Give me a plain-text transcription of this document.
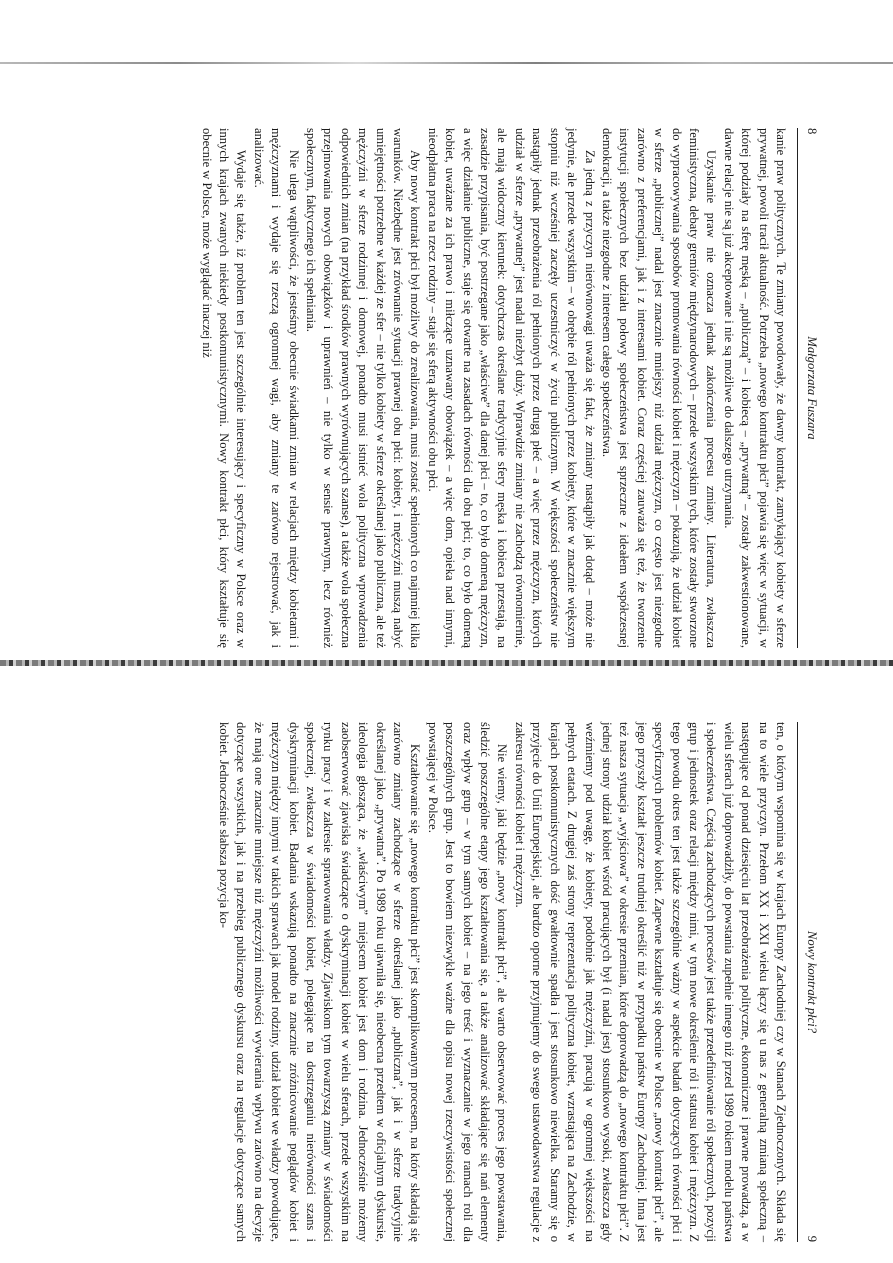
8
Małgorzata Fuszara

kanie praw politycznych. Te zmiany powodowały, że dawny kontrakt, zamykający kobiety w sferze prywatnej, powoli tracił aktualność. Potrzeba „nowego kontraktu płci” pojawia się więc w sytuacji, w której podziały na sferę męską – „publiczną” – i kobiecą – „prywatną” – zostały zakwestionowane, dawne relacje nie są już akceptowane i nie są możliwe do dalszego utrzymania.

Uzyskanie praw nie oznacza jednak zakończenia procesu zmiany. Literatura, zwłaszcza feministyczna, debaty gremiów międzynarodowych – przede wszystkim tych, które zostały stworzone do wypracowywania sposobów promowania równości kobiet i mężczyzn – pokazują, że udział kobiet w sferze „publicznej” nadal jest znacznie mniejszy niż udział mężczyzn, co często jest niezgodne zarówno z preferencjami, jak i z interesami kobiet. Coraz częściej zauważa się też, że tworzenie instytucji społecznych bez udziału połowy społeczeństwa jest sprzeczne z ideałem współczesnej demokracji, a także niezgodne z interesem całego społeczeństwa.

Za jedną z przyczyn nierównowagi uważa się fakt, że zmiany nastąpiły jak dotąd – może nie jedynie, ale przede wszystkim – w obrębie ról pełnionych przez kobiety, które w znacznie większym stopniu niż wcześniej zaczęły uczestniczyć w życiu publicznym. W większości społeczeństw nie nastąpiły jednak przeobrażenia ról pełnionych przez drugą płeć – a więc przez mężczyzn, których udział w sferze „prywatnej” jest nadal niezbyt duży. Wprawdzie zmiany nie zachodzą równomiernie, ale mają widoczny kierunek: dotychczas określane tradycyjnie sfery męska i kobieca przestają, na zasadzie przypisania, być postrzegane jako „właściwe” dla danej płci – to, co było domeną mężczyzn, a więc działanie publiczne, staje się otwarte na zasadach równości dla obu płci; to, co było domeną kobiet, uważane za ich prawo i miłczące uznawany obowiązek – a więc dom, opieka nad innymi, nieodpłatna praca na rzecz rodziny – staje się sferą aktywności obu płci.

Aby nowy kontrakt płci był możliwy do zrealizowania, musi zostać spełnionych co najmniej kilka warunków. Niezbędne jest zrównanie sytuacji prawnej obu płci: kobiety, i mężczyźni muszą nabyć umiejętności potrzebne w każdej ze sfer – nie tylko kobiety w sferze określanej jako publiczna, ale też mężczyźni w sferze rodzinnej i domowej, ponadto musi istnieć wola polityczna wprowadzenia odpowiednich zmian (na przykład środków prawnych wyrównujących szanse), a także wola społeczna przejmowania nowych obowiązków i uprawnień – nie tylko w sensie prawnym, lecz również społecznym, faktycznego ich spełniania.

Nie ulega wątpliwości, że jesteśmy obecnie świadkami zmian w relacjach między kobietami i mężczyznami i wydaje się rzeczą ogromnej wagi, aby zmiany te zarówno rejestrować, jak i analizować.

Wydaje się także, iż problem ten jest szczególnie interesujący i specyficzny w Polsce oraz w innych krajach zwanych niekiedy postkomunistycznymi. Nowy kontrakt płci, który kształtuje się obecnie w Polsce, może wyglądać inaczej niż

Nowy kontrakt płci?
9

ten, o którym wspomina się w krajach Europy Zachodniej czy w Stanach Zjednoczonych. Składa się na to wiele przyczyn. Przełom XX i XXI wieku łączy się u nas z generalną zmianą społeczną – następujące od ponad dziesięciu lat przeobrażenia polityczne, ekonomiczne i prawne prowadzą, a w wielu sferach już doprowadziły, do powstania zupełnie innego niż przed 1989 rokiem modelu państwa i społeczeństwa. Częścią zachodzących procesów jest także przedefiniowanie ról społecznych, pozycji grup i jednostek oraz relacji między nimi, w tym nowe określenie ról i statusu kobiet i mężczyzn. Z tego powodu okres ten jest także szczególnie ważny w aspekcie badań dotyczących równości płci i specyficznych problemów kobiet. Zapewne kształtuje się obecnie w Polsce „nowy kontrakt płci”, ale jego przyszły kształt jeszcze trudniej określić niż w przypadku państw Europy Zachodniej. Inna jest też nasza sytuacja „wyjściowa” w okresie przemian, które doprowadzą do „nowego kontraktu płci”. Z jednej strony udział kobiet wśród pracujących był (i nadal jest) stosunkowo wysoki, zwłaszcza gdy weźmiemy pod uwagę, że kobiety, podobnie jak mężczyźni, pracują w ogromnej większości na pełnych etatach. Z drugiej zaś strony reprezentacja polityczna kobiet, wzrastająca na Zachodzie, w krajach postkomunistycznych dość gwałtownie spadła i jest stosunkowo niewielka. Staramy się o przyjęcie do Unii Europejskiej, ale bardzo oporne przyjmujemy do swego ustawodawstwa regulacje z zakresu równości kobiet i mężczyzn.

Nie wiemy, jaki będzie „nowy kontrakt płci”, ale warto obserwować proces jego powstawania, śledzić poszczególne etapy jego kształtowania się, a także analizować składające się nań elementy oraz wpływ grup – w tym samych kobiet – na jego treść i wyznaczanie w jego ramach roli dla poszczególnych grup. Jest to bowiem niezwykle ważne dla opisu nowej rzeczywistości społecznej powstającej w Polsce.

Kształtowanie się „nowego kontraktu płci” jest skomplikowanym procesem, na który składają się zarówno zmiany zachodzące w sferze określanej jako „publiczna”, jak i w sferze tradycyjnie określanej jako „prywatna”. Po 1989 roku ujawniła się, nieobecna przedtem w oficjalnym dyskursie, ideologia głosząca, że „właściwym” miejscem kobiet jest dom i rodzina. Jednocześnie możemy zaobserwować zjawiska świadczące o dyskryminacji kobiet w wielu sferach, przede wszystkim na rynku pracy i w zakresie sprawowania władzy. Zjawiskom tym towarzyszą zmiany w świadomości społecznej, zwłaszcza w świadomości kobiet, polegające na dostrzeganiu nierówności szans i dyskryminacji kobiet. Badania wskazują ponadto na znacznie zróżnicowanie poglądów kobiet i mężczyzn między innymi w takich sprawach jak model rodziny, udział kobiet we władzy powodujące, że mają one znacznie mniejsze niż mężczyźni możliwości wywierania wpływu zarówno na decyzje dotyczące wszystkich, jak i na przebieg publicznego dyskursu oraz na regulacje dotyczące samych kobiet. Jednocześnie słabsza pozycja ko-
